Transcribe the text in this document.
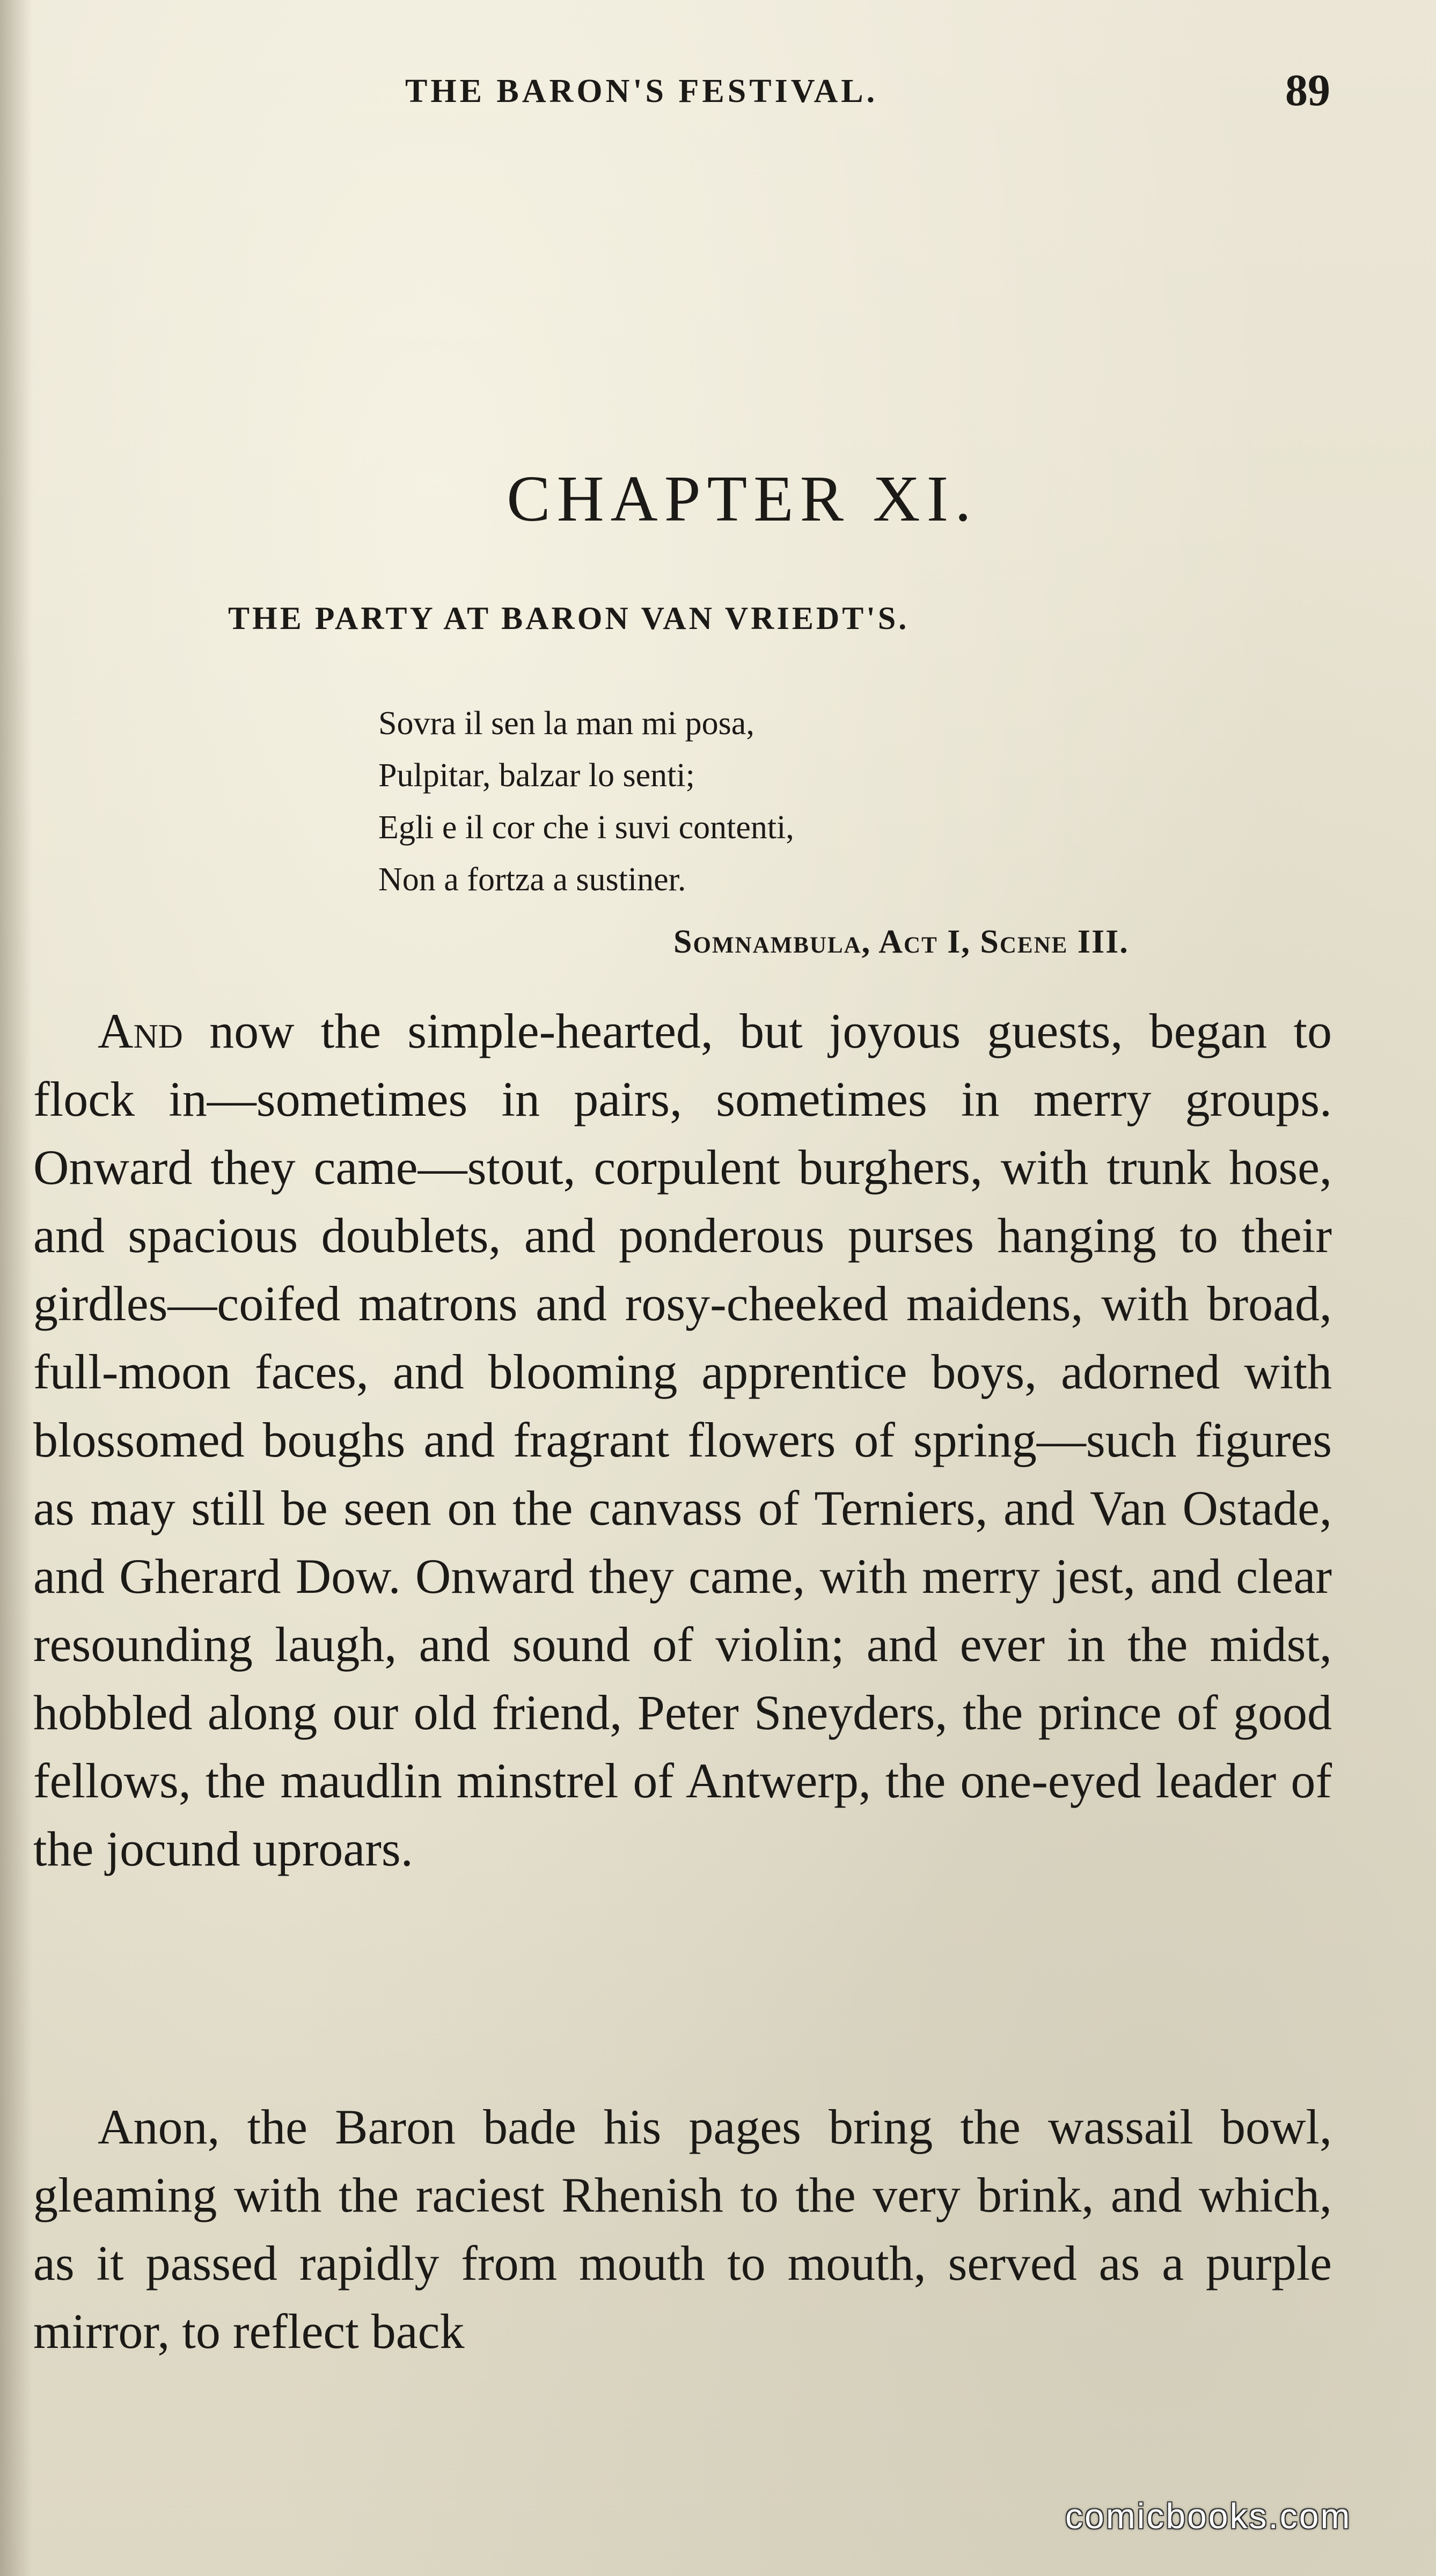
THE BARON'S FESTIVAL.	89
CHAPTER XI.
THE PARTY AT BARON VAN VRIEDT'S.
Sovra il sen la man mi posa,
Pulpitar, balzar lo senti;
Egli e il cor che i suvi contenti,
Non a fortza a sustiner.
Somnambula, Act I, Scene III.
And now the simple-hearted, but joyous guests, began to flock in—sometimes in pairs, sometimes in merry groups. Onward they came—stout, corpulent burghers, with trunk hose, and spacious doublets, and ponderous purses hanging to their girdles—coifed matrons and rosy-cheeked maidens, with broad, full-moon faces, and blooming apprentice boys, adorned with blossomed boughs and fragrant flowers of spring—such figures as may still be seen on the canvass of Terniers, and Van Ostade, and Gherard Dow. Onward they came, with merry jest, and clear resounding laugh, and sound of violin; and ever in the midst, hobbled along our old friend, Peter Sneyders, the prince of good fellows, the maudlin minstrel of Antwerp, the one-eyed leader of the jocund uproars.
Anon, the Baron bade his pages bring the wassail bowl, gleaming with the raciest Rhenish to the very brink, and which, as it passed rapidly from mouth to mouth, served as a purple mirror, to reflect back
comicbooks.com
